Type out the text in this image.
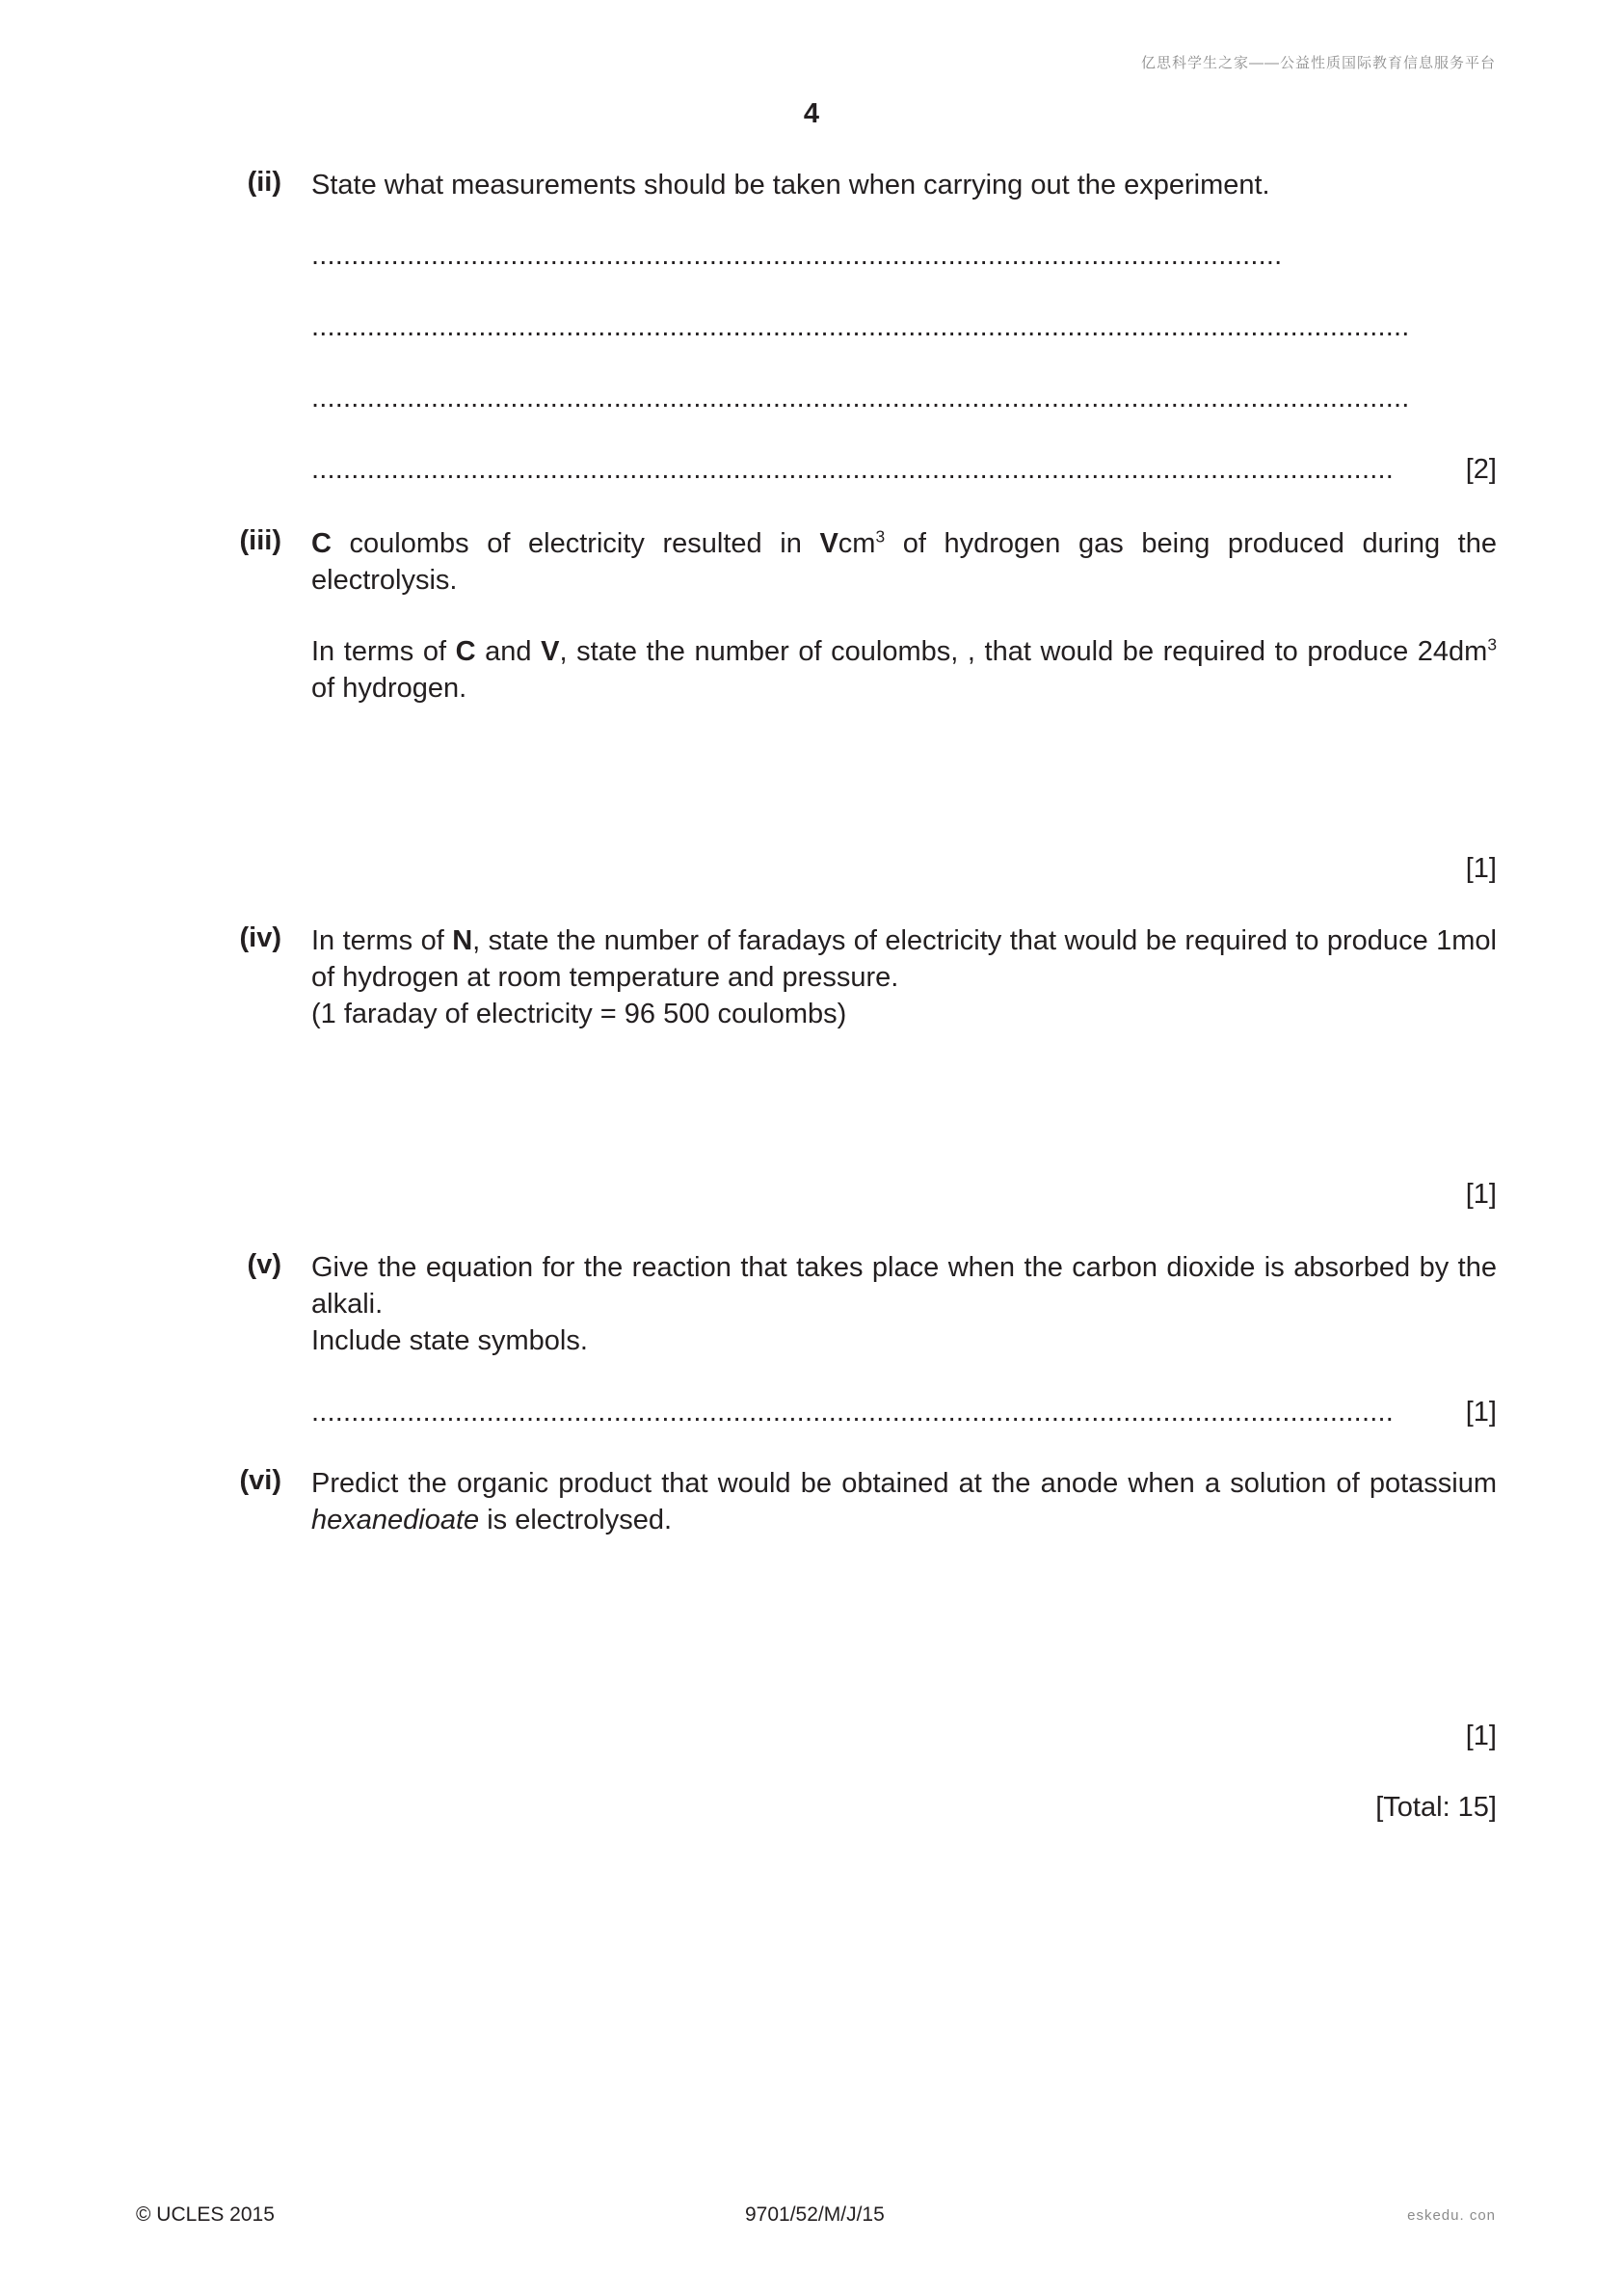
亿思科学生之家——公益性质国际教育信息服务平台
4
(ii) State what measurements should be taken when carrying out the experiment.
..........................................................................................................................
..........................................................................................................................................
..........................................................................................................................................
........................................................................................................................................	[2]
(iii) C coulombs of electricity resulted in Vcm$^3$ of hydrogen gas being produced during the electrolysis.
In terms of C and V, state the number of coulombs, , that would be required to produce $24dm^3$ of hydrogen.
[1]
(iv) In terms of N, state the number of faradays of electricity that would be required to produce 1mol of hydrogen at room temperature and pressure.
(1 faraday of electricity = 96 500 coulombs)
[1]
(v) Give the equation for the reaction that takes place when the carbon dioxide is absorbed by the alkali.
Include state symbols.
........................................................................................................................................	[1]
(vi) Predict the organic product that would be obtained at the anode when a solution of potassium hexanedioate is electrolysed.
[1]
[Total: 15]
© UCLES 2015	9701/52/M/J/15	eskedu. con
